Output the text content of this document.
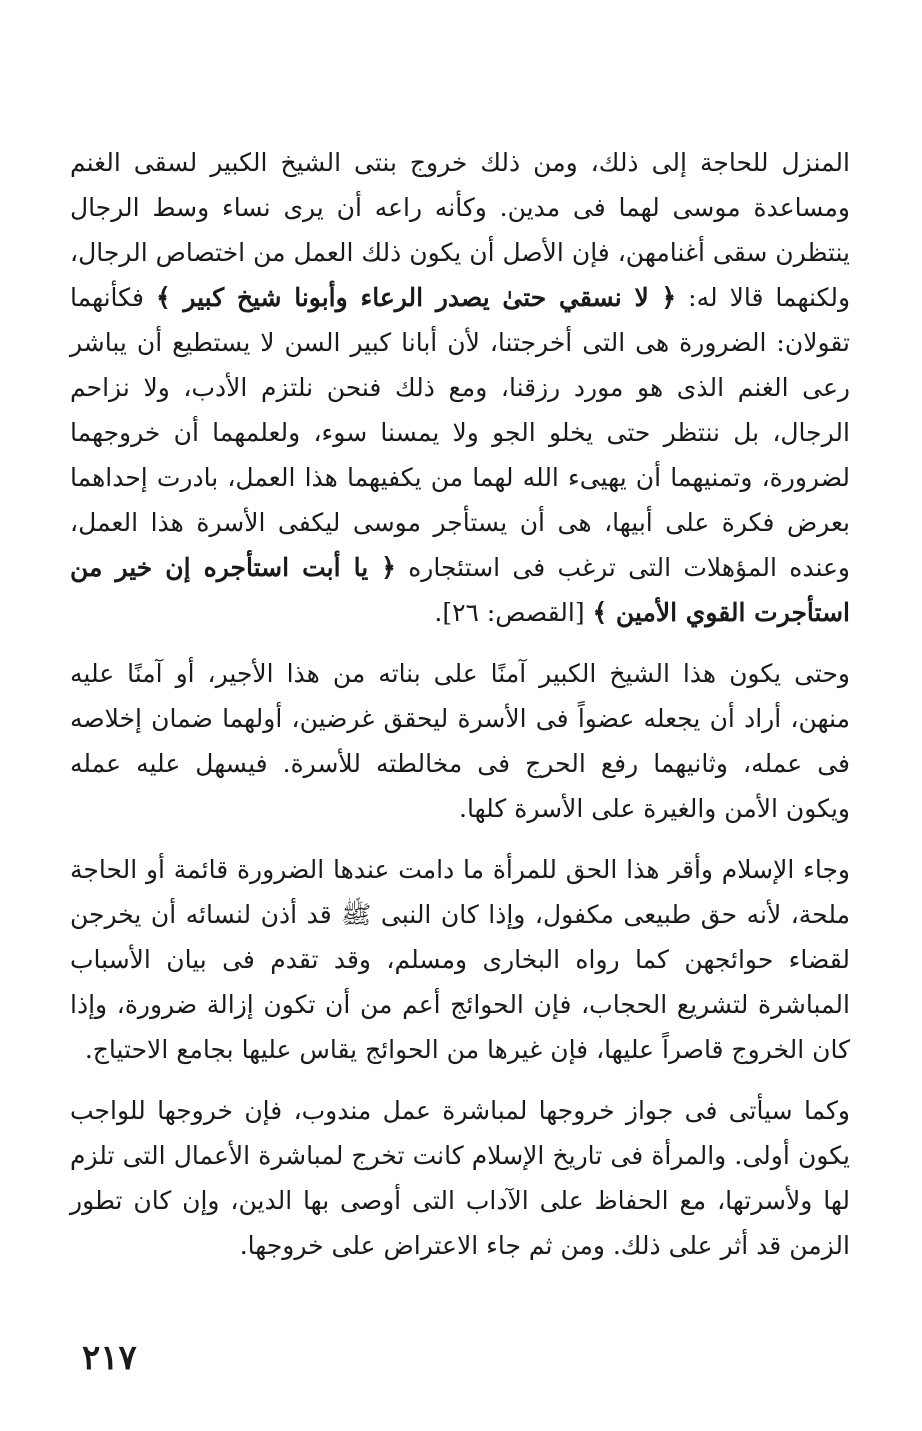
المنزل للحاجة إلى ذلك، ومن ذلك خروج بنتى الشيخ الكبير لسقى الغنم ومساعدة موسى لهما فى مدين. وكأنه راعه أن يرى نساء وسط الرجال ينتظرن سقى أغنامهن، فإن الأصل أن يكون ذلك العمل من اختصاص الرجال، ولكنهما قالا له: ﴿ لا نسقي حتىٰ يصدر الرعاء وأبونا شيخ كبير ﴾ فكأنهما تقولان: الضرورة هى التى أخرجتنا، لأن أبانا كبير السن لا يستطيع أن يباشر رعى الغنم الذى هو مورد رزقنا، ومع ذلك فنحن نلتزم الأدب، ولا نزاحم الرجال، بل ننتظر حتى يخلو الجو ولا يمسنا سوء، ولعلمهما أن خروجهما لضرورة، وتمنيهما أن يهيىء الله لهما من يكفيهما هذا العمل، بادرت إحداهما بعرض فكرة على أبيها، هى أن يستأجر موسى ليكفى الأسرة هذا العمل، وعنده المؤهلات التى ترغب فى استئجاره ﴿ يا أبت استأجره إن خير من استأجرت القوي الأمين ﴾ [القصص: ٢٦].

وحتى يكون هذا الشيخ الكبير آمنًا على بناته من هذا الأجير، أو آمنًا عليه منهن، أراد أن يجعله عضواً فى الأسرة ليحقق غرضين، أولهما ضمان إخلاصه فى عمله، وثانيهما رفع الحرج فى مخالطته للأسرة. فيسهل عليه عمله ويكون الأمن والغيرة على الأسرة كلها.

وجاء الإسلام وأقر هذا الحق للمرأة ما دامت عندها الضرورة قائمة أو الحاجة ملحة، لأنه حق طبيعى مكفول، وإذا كان النبى ﷺ قد أذن لنسائه أن يخرجن لقضاء حوائجهن كما رواه البخارى ومسلم، وقد تقدم فى بيان الأسباب المباشرة لتشريع الحجاب، فإن الحوائج أعم من أن تكون إزالة ضرورة، وإذا كان الخروج قاصراً عليها، فإن غيرها من الحوائج يقاس عليها بجامع الاحتياج.

وكما سيأتى فى جواز خروجها لمباشرة عمل مندوب، فإن خروجها للواجب يكون أولى. والمرأة فى تاريخ الإسلام كانت تخرج لمباشرة الأعمال التى تلزم لها ولأسرتها، مع الحفاظ على الآداب التى أوصى بها الدين، وإن كان تطور الزمن قد أثر على ذلك. ومن ثم جاء الاعتراض على خروجها.

٢١٧
